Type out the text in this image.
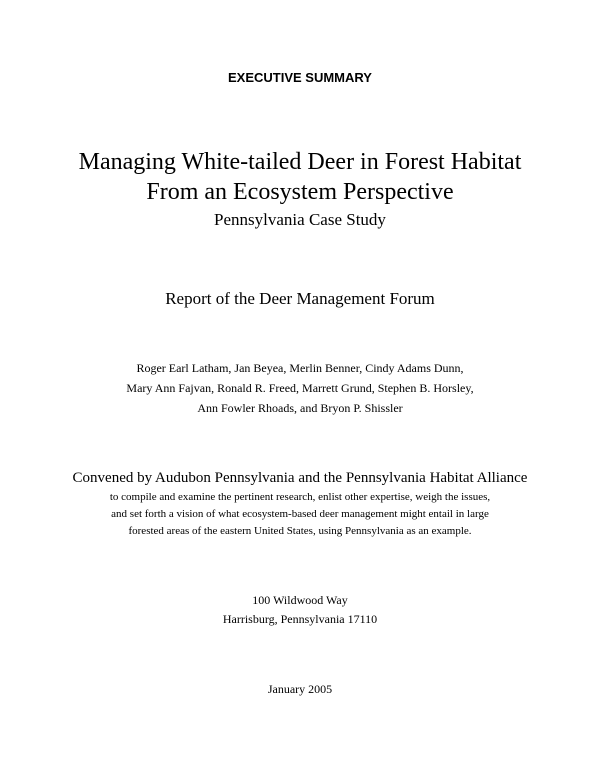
EXECUTIVE SUMMARY
Managing White-tailed Deer in Forest Habitat
From an Ecosystem Perspective
Pennsylvania Case Study
Report of the Deer Management Forum
Roger Earl Latham, Jan Beyea, Merlin Benner, Cindy Adams Dunn,
Mary Ann Fajvan, Ronald R. Freed, Marrett Grund, Stephen B. Horsley,
Ann Fowler Rhoads, and Bryon P. Shissler
Convened by Audubon Pennsylvania and the Pennsylvania Habitat Alliance
to compile and examine the pertinent research, enlist other expertise, weigh the issues,
and set forth a vision of what ecosystem-based deer management might entail in large
forested areas of the eastern United States, using Pennsylvania as an example.
100 Wildwood Way
Harrisburg, Pennsylvania 17110
January 2005
